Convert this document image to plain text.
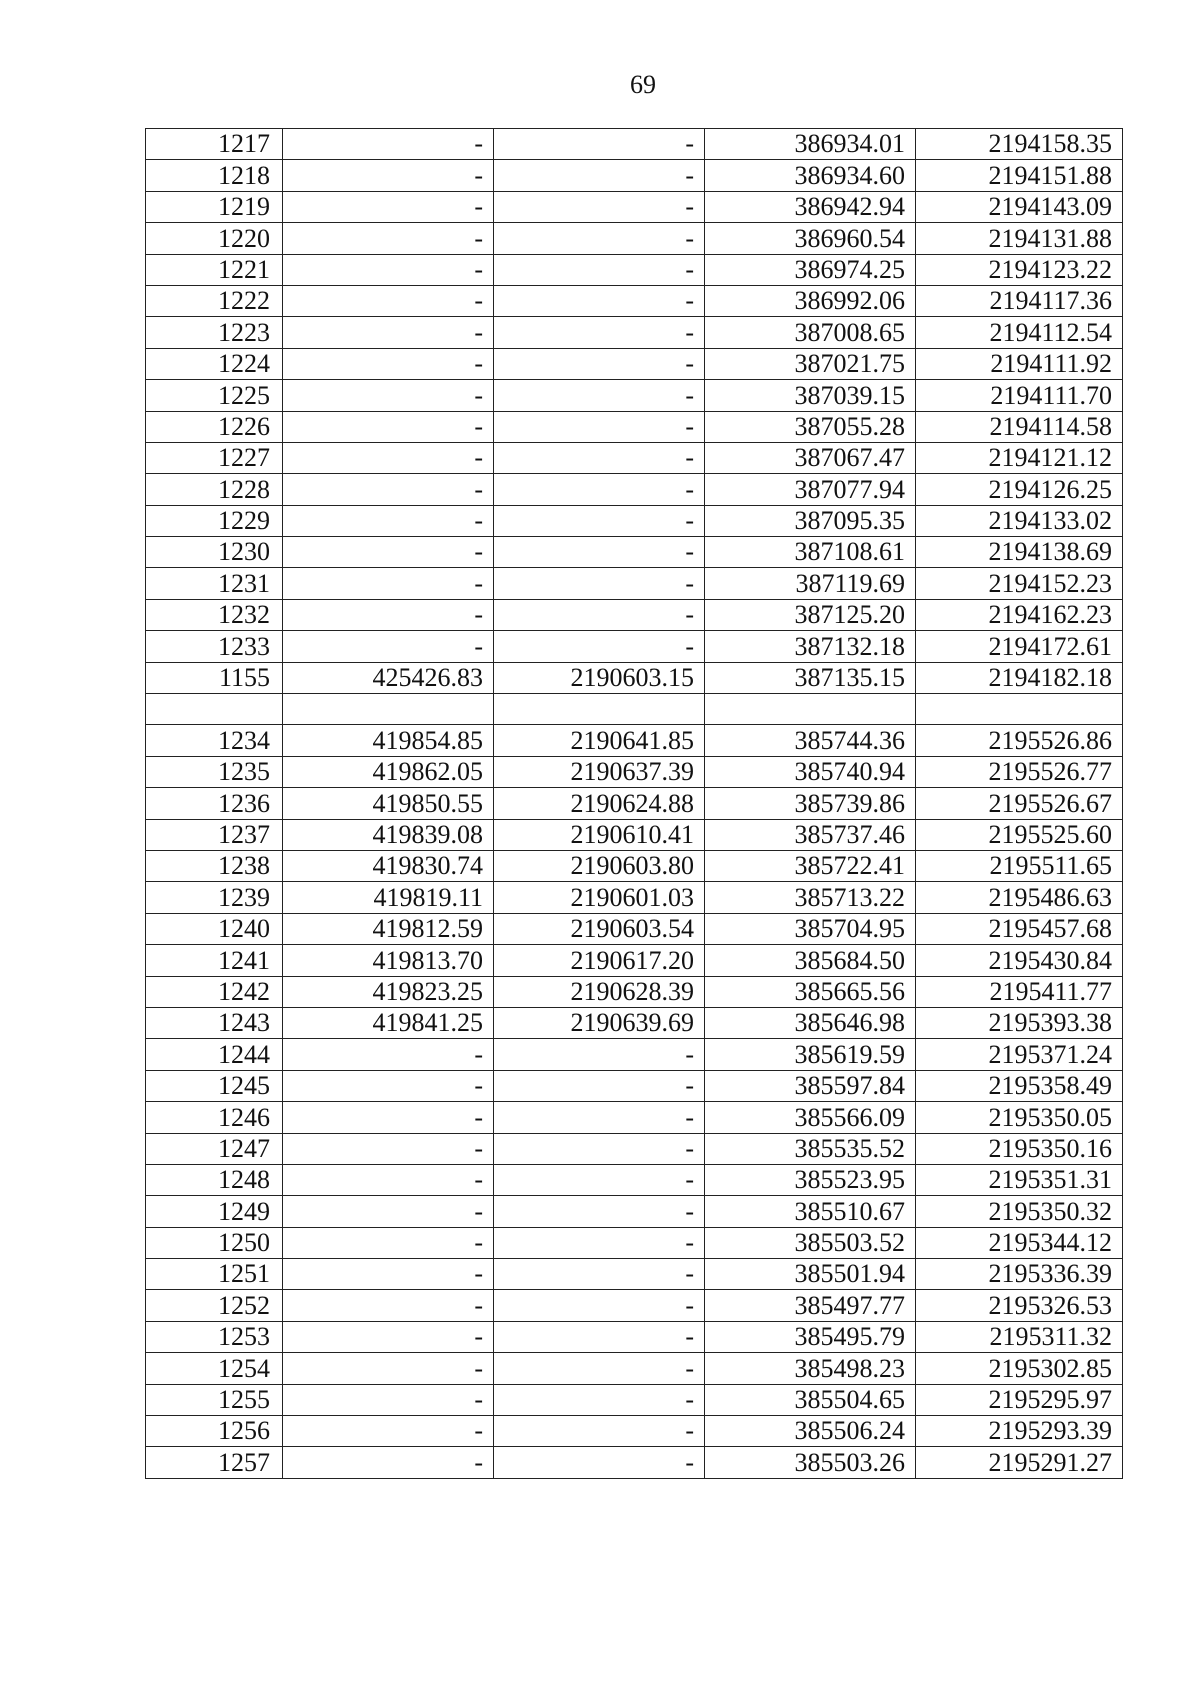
69
1217	-	-	386934.01	2194158.35
1218	-	-	386934.60	2194151.88
1219	-	-	386942.94	2194143.09
1220	-	-	386960.54	2194131.88
1221	-	-	386974.25	2194123.22
1222	-	-	386992.06	2194117.36
1223	-	-	387008.65	2194112.54
1224	-	-	387021.75	2194111.92
1225	-	-	387039.15	2194111.70
1226	-	-	387055.28	2194114.58
1227	-	-	387067.47	2194121.12
1228	-	-	387077.94	2194126.25
1229	-	-	387095.35	2194133.02
1230	-	-	387108.61	2194138.69
1231	-	-	387119.69	2194152.23
1232	-	-	387125.20	2194162.23
1233	-	-	387132.18	2194172.61
1155	425426.83	2190603.15	387135.15	2194182.18

1234	419854.85	2190641.85	385744.36	2195526.86
1235	419862.05	2190637.39	385740.94	2195526.77
1236	419850.55	2190624.88	385739.86	2195526.67
1237	419839.08	2190610.41	385737.46	2195525.60
1238	419830.74	2190603.80	385722.41	2195511.65
1239	419819.11	2190601.03	385713.22	2195486.63
1240	419812.59	2190603.54	385704.95	2195457.68
1241	419813.70	2190617.20	385684.50	2195430.84
1242	419823.25	2190628.39	385665.56	2195411.77
1243	419841.25	2190639.69	385646.98	2195393.38
1244	-	-	385619.59	2195371.24
1245	-	-	385597.84	2195358.49
1246	-	-	385566.09	2195350.05
1247	-	-	385535.52	2195350.16
1248	-	-	385523.95	2195351.31
1249	-	-	385510.67	2195350.32
1250	-	-	385503.52	2195344.12
1251	-	-	385501.94	2195336.39
1252	-	-	385497.77	2195326.53
1253	-	-	385495.79	2195311.32
1254	-	-	385498.23	2195302.85
1255	-	-	385504.65	2195295.97
1256	-	-	385506.24	2195293.39
1257	-	-	385503.26	2195291.27
